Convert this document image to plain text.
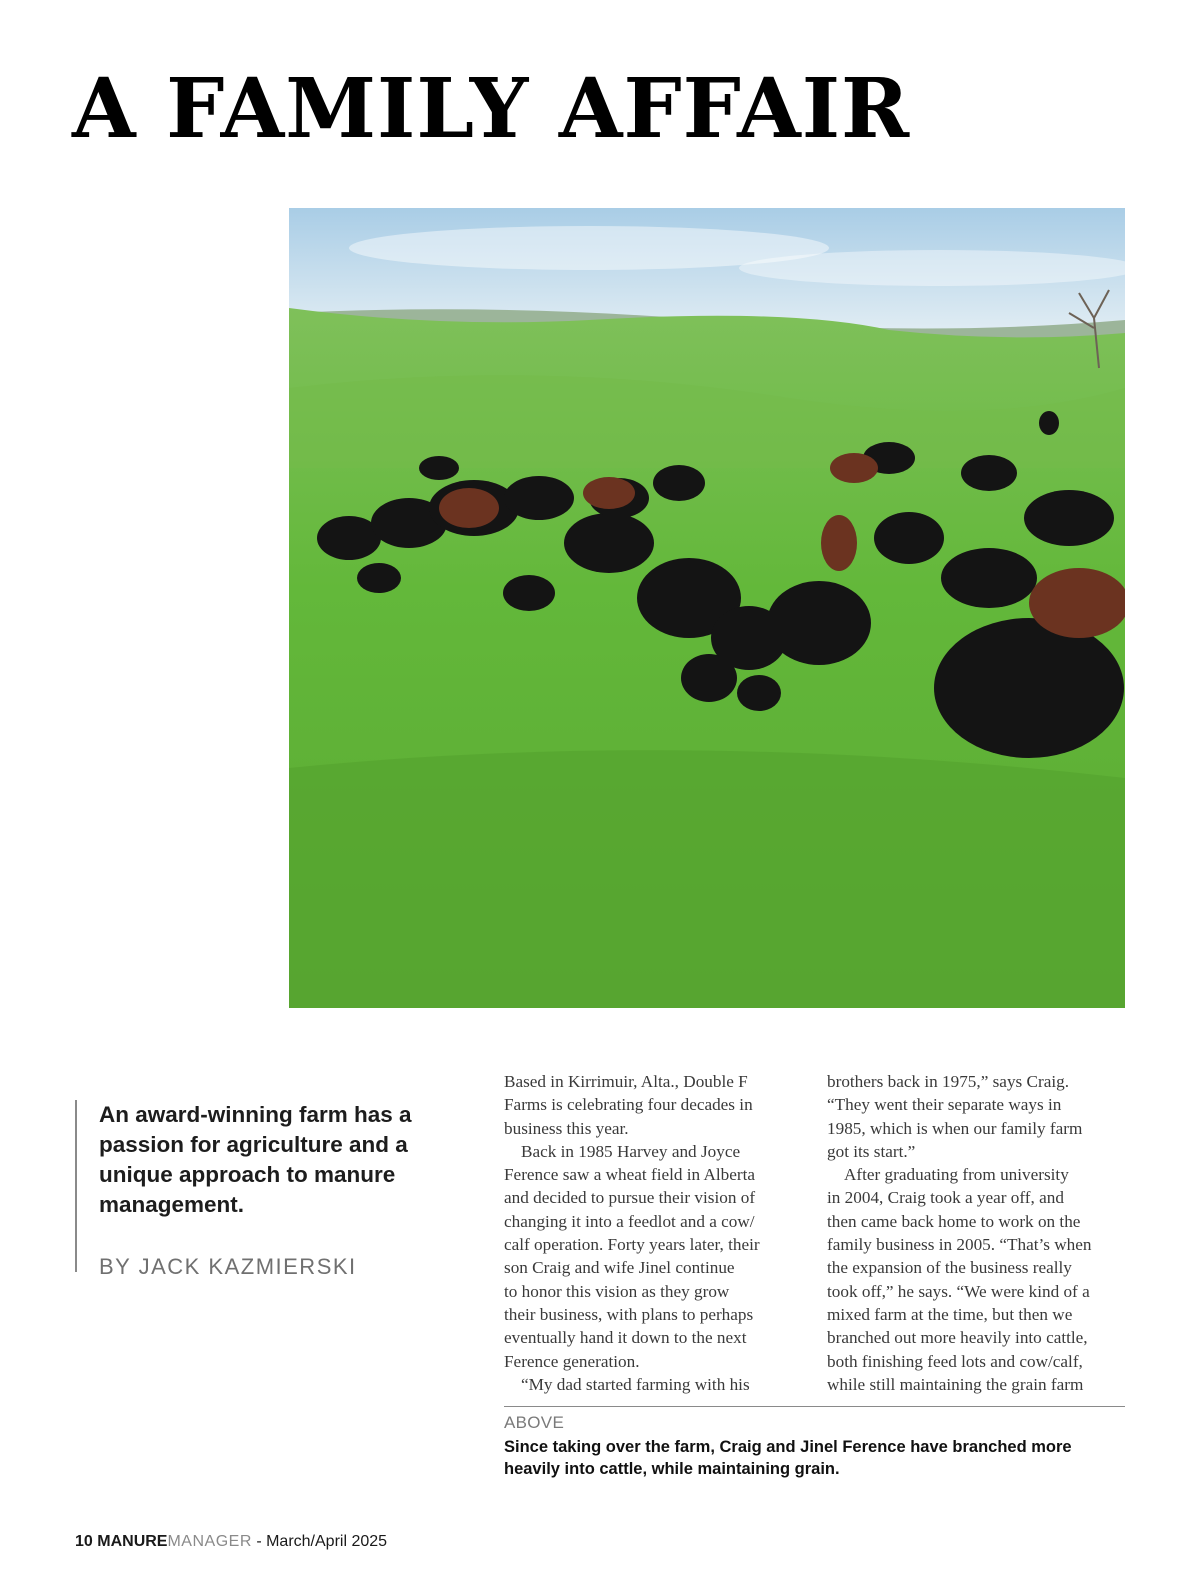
A FAMILY AFFAIR

An award-winning farm has a passion for agriculture and a unique approach to manure management.

BY JACK KAZMIERSKI

Based in Kirrimuir, Alta., Double F

Farms is celebrating four decades in

business this year.

Back in 1985 Harvey and Joyce

Ference saw a wheat field in Alberta

and decided to pursue their vision of

changing it into a feedlot and a cow/

calf operation. Forty years later, their

son Craig and wife Jinel continue

to honor this vision as they grow

their business, with plans to perhaps

eventually hand it down to the next

Ference generation.

“My dad started farming with his

brothers back in 1975,” says Craig.

“They went their separate ways in

1985, which is when our family farm

got its start.”

After graduating from university

in 2004, Craig took a year off, and

then came back home to work on the

family business in 2005. “That’s when

the expansion of the business really

took off,” he says. “We were kind of a

mixed farm at the time, but then we

branched out more heavily into cattle,

both finishing feed lots and cow/calf,

while still maintaining the grain farm

ABOVE

Since taking over the farm, Craig and Jinel Ference have branched more heavily into cattle, while maintaining grain.

10 MANUREMANAGER - March/April 2025
